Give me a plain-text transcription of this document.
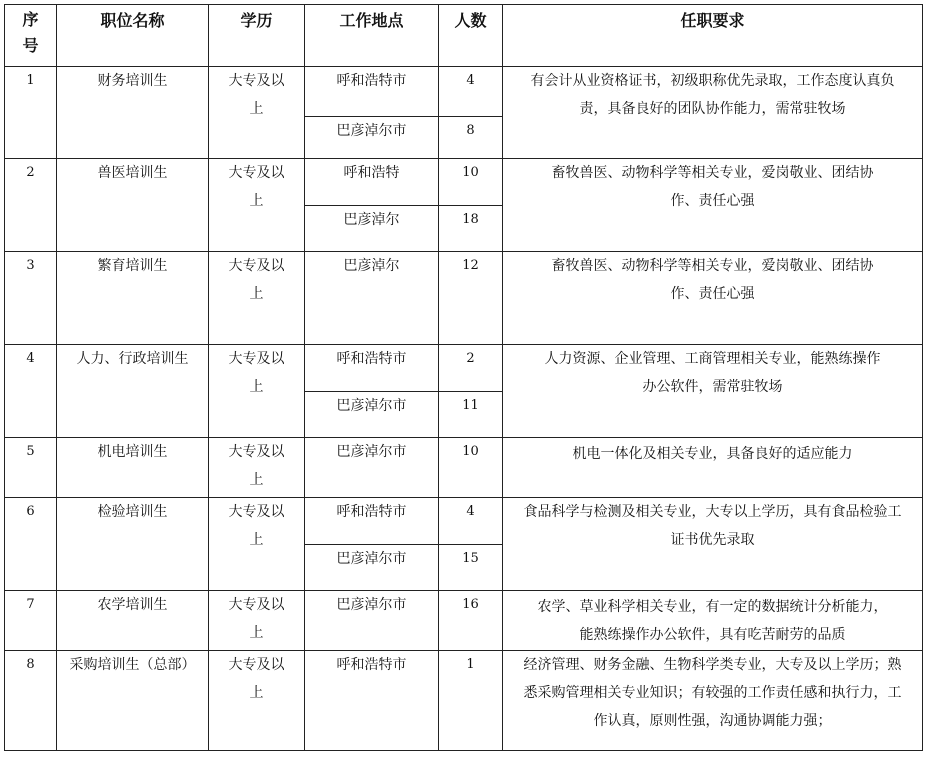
序号	职位名称	学历	工作地点	人数	任职要求
1	财务培训生	大专及以上	呼和浩特市	4	有会计从业资格证书，初级职称优先录取，工作态度认真负责，具备良好的团队协作能力，需常驻牧场
			巴彦淖尔市	8	
2	兽医培训生	大专及以上	呼和浩特	10	畜牧兽医、动物科学等相关专业，爱岗敬业、团结协作、责任心强
			巴彦淖尔	18	
3	繁育培训生	大专及以上	巴彦淖尔	12	畜牧兽医、动物科学等相关专业，爱岗敬业、团结协作、责任心强
4	人力、行政培训生	大专及以上	呼和浩特市	2	人力资源、企业管理、工商管理相关专业，能熟练操作办公软件，需常驻牧场
			巴彦淖尔市	11	
5	机电培训生	大专及以上	巴彦淖尔市	10	机电一体化及相关专业，具备良好的适应能力
6	检验培训生	大专及以上	呼和浩特市	4	食品科学与检测及相关专业，大专以上学历，具有食品检验工证书优先录取
			巴彦淖尔市	15	
7	农学培训生	大专及以上	巴彦淖尔市	16	农学、草业科学相关专业，有一定的数据统计分析能力，能熟练操作办公软件，具有吃苦耐劳的品质
8	采购培训生（总部）	大专及以上	呼和浩特市	1	经济管理、财务金融、生物科学类专业，大专及以上学历；熟悉采购管理相关专业知识；有较强的工作责任感和执行力，工作认真，原则性强，沟通协调能力强；
